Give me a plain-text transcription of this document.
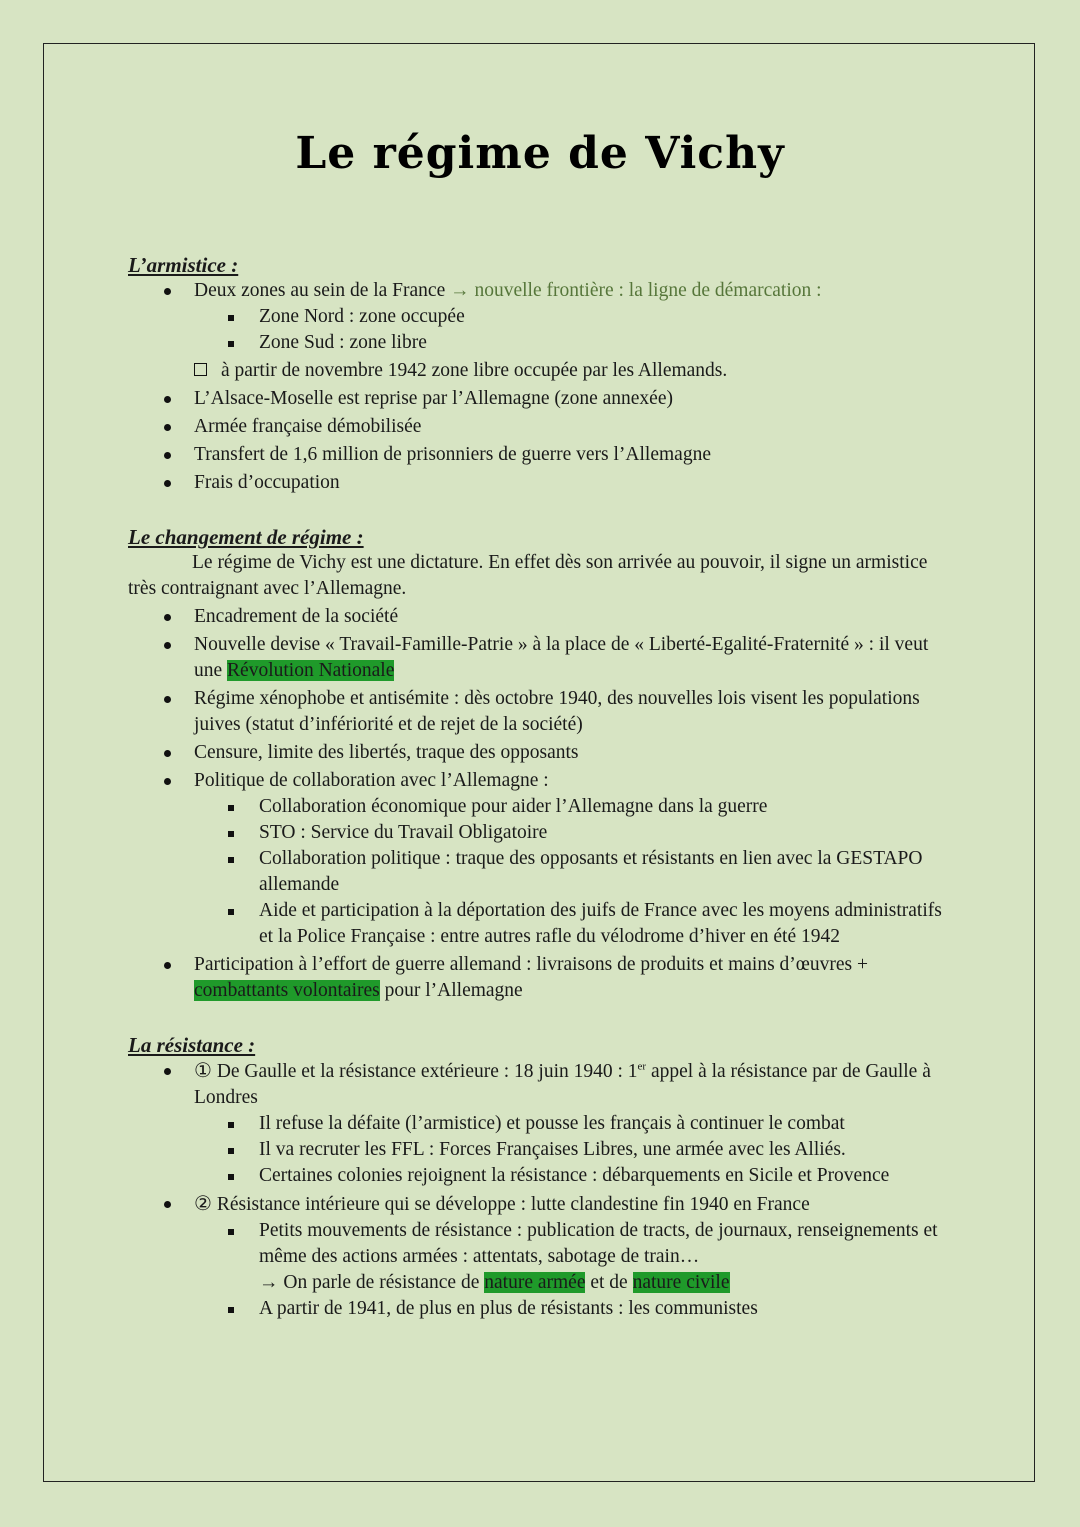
Le régime de Vichy

L’armistice :

Deux zones au sein de la France → nouvelle frontière : la ligne de démarcation :
Zone Nord : zone occupée
Zone Sud : zone libre
à partir de novembre 1942 zone libre occupée par les Allemands.
L’Alsace-Moselle est reprise par l’Allemagne (zone annexée)
Armée française démobilisée
Transfert de 1,6 million de prisonniers de guerre vers l’Allemagne
Frais d’occupation

Le changement de régime :

Le régime de Vichy est une dictature. En effet dès son arrivée au pouvoir, il signe un armistice très contraignant avec l’Allemagne.

Encadrement de la société
Nouvelle devise « Travail-Famille-Patrie » à la place de « Liberté-Egalité-Fraternité » : il veut une Révolution Nationale
Régime xénophobe et antisémite : dès octobre 1940, des nouvelles lois visent les populations juives (statut d’infériorité et de rejet de la société)
Censure, limite des libertés, traque des opposants
Politique de collaboration avec l’Allemagne :
Collaboration économique pour aider l’Allemagne dans la guerre
STO : Service du Travail Obligatoire
Collaboration politique : traque des opposants et résistants en lien avec la GESTAPO allemande
Aide et participation à la déportation des juifs de France avec les moyens administratifs et la Police Française : entre autres rafle du vélodrome d’hiver en été 1942
Participation à l’effort de guerre allemand : livraisons de produits et mains d’œuvres + combattants volontaires pour l’Allemagne

La résistance :

① De Gaulle et la résistance extérieure : 18 juin 1940 : 1er appel à la résistance par de Gaulle à Londres
Il refuse la défaite (l’armistice) et pousse les français à continuer le combat
Il va recruter les FFL : Forces Françaises Libres, une armée avec les Alliés.
Certaines colonies rejoignent la résistance : débarquements en Sicile et Provence
② Résistance intérieure qui se développe : lutte clandestine fin 1940 en France
Petits mouvements de résistance : publication de tracts, de journaux, renseignements et même des actions armées : attentats, sabotage de train…
→ On parle de résistance de nature armée et de nature civile
A partir de 1941, de plus en plus de résistants : les communistes
